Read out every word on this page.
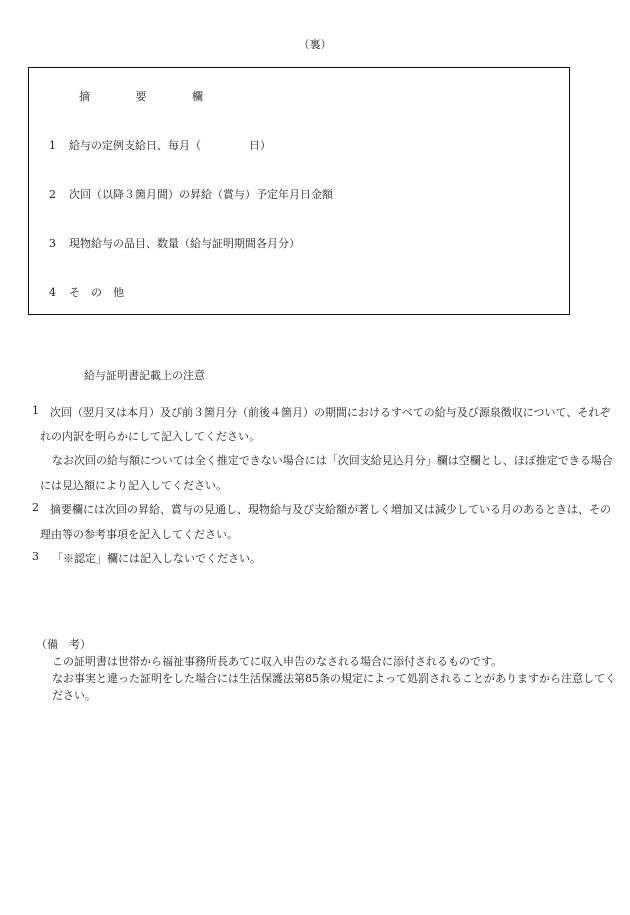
（裏）
摘	要	欄
1 給与の定例支給日、毎月（	日）
2 次回（以降３箇月間）の昇給（賞与）予定年月日金額
3 現物給与の品目、数量（給与証明期間各月分）
4 そ　の　他
給与証明書記載上の注意
1 次回（翌月又は本月）及び前３箇月分（前後４箇月）の期間におけるすべての給与及び源泉徴収について、それぞ
れの内訳を明らかにして記入してください。
なお次回の給与額については全く推定できない場合には「次回支給見込月分」欄は空欄とし、ほぼ推定できる場合
には見込額により記入してください。
2 摘要欄には次回の昇給、賞与の見通し、現物給与及び支給額が著しく増加又は減少している月のあるときは、その
理由等の参考事項を記入してください。
3 「※認定」欄には記入しないでください。
（備　考）
この証明書は世帯から福祉事務所長あてに収入申告のなされる場合に添付されるものです。
なお事実と違った証明をした場合には生活保護法第85条の規定によって処罰されることがありますから注意してく
ださい。
